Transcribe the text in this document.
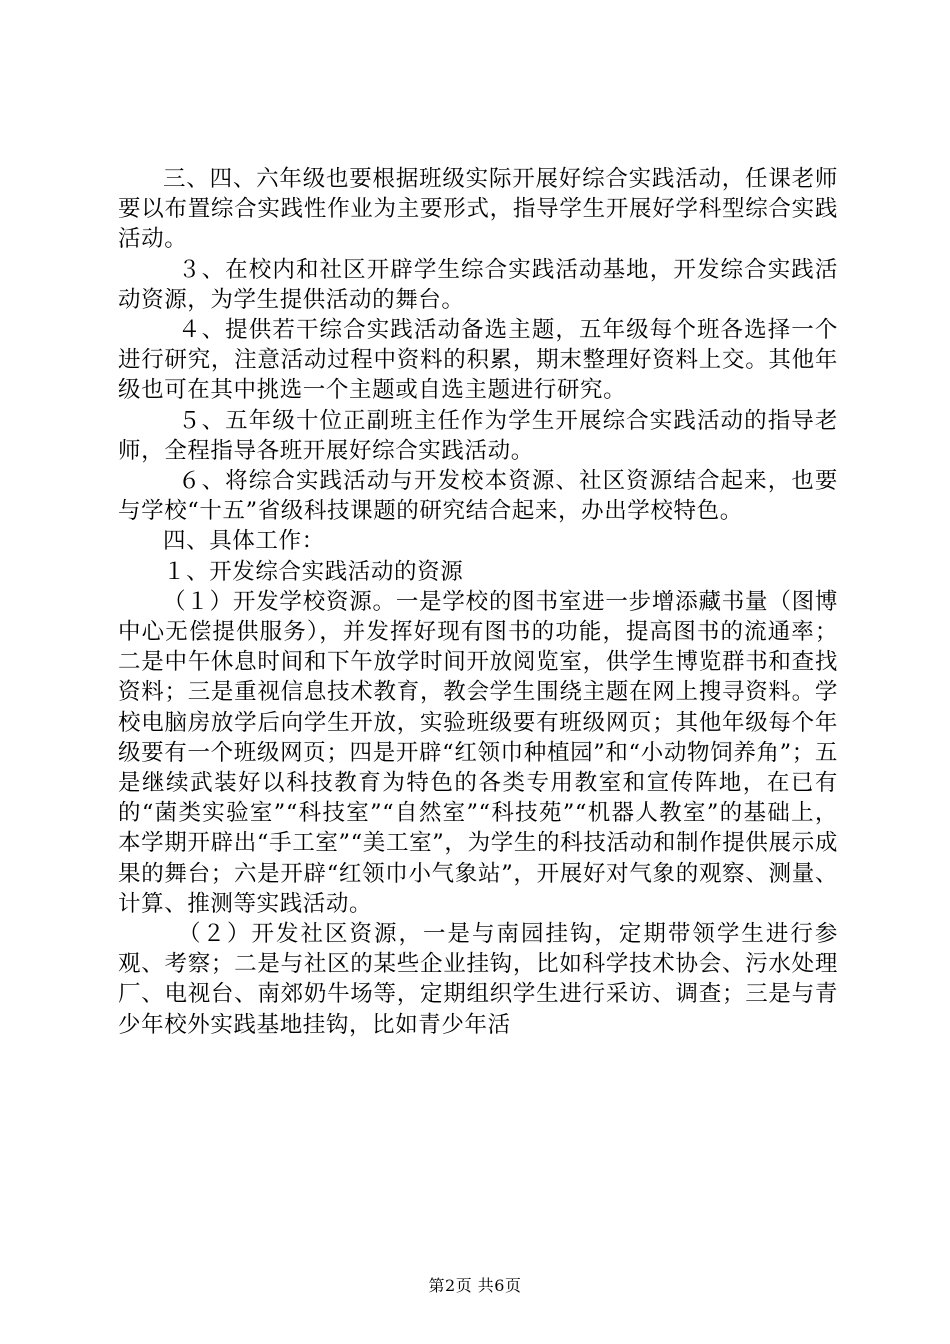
三、四、六年级也要根据班级实际开展好综合实践活动，任课老师要以布置综合实践性作业为主要形式，指导学生开展好学科型综合实践活动。

３、在校内和社区开辟学生综合实践活动基地，开发综合实践活动资源，为学生提供活动的舞台。

４、提供若干综合实践活动备选主题，五年级每个班各选择一个进行研究，注意活动过程中资料的积累，期末整理好资料上交。其他年级也可在其中挑选一个主题或自选主题进行研究。

５、五年级十位正副班主任作为学生开展综合实践活动的指导老师，全程指导各班开展好综合实践活动。

６、将综合实践活动与开发校本资源、社区资源结合起来，也要与学校“十五”省级科技课题的研究结合起来，办出学校特色。

四、具体工作：

１、开发综合实践活动的资源

（１）开发学校资源。一是学校的图书室进一步增添藏书量（图博中心无偿提供服务），并发挥好现有图书的功能，提高图书的流通率；二是中午休息时间和下午放学时间开放阅览室，供学生博览群书和查找资料；三是重视信息技术教育，教会学生围绕主题在网上搜寻资料。学校电脑房放学后向学生开放，实验班级要有班级网页；其他年级每个年级要有一个班级网页；四是开辟“红领巾种植园”和“小动物饲养角”；五是继续武装好以科技教育为特色的各类专用教室和宣传阵地，在已有的“菌类实验室”“科技室”“自然室”“科技苑”“机器人教室”的基础上，本学期开辟出“手工室”“美工室”，为学生的科技活动和制作提供展示成果的舞台；六是开辟“红领巾小气象站”，开展好对气象的观察、测量、计算、推测等实践活动。

（２）开发社区资源，一是与南园挂钩，定期带领学生进行参观、考察；二是与社区的某些企业挂钩，比如科学技术协会、污水处理厂、电视台、南郊奶牛场等，定期组织学生进行采访、调查；三是与青少年校外实践基地挂钩，比如青少年活

第2页 共6页
